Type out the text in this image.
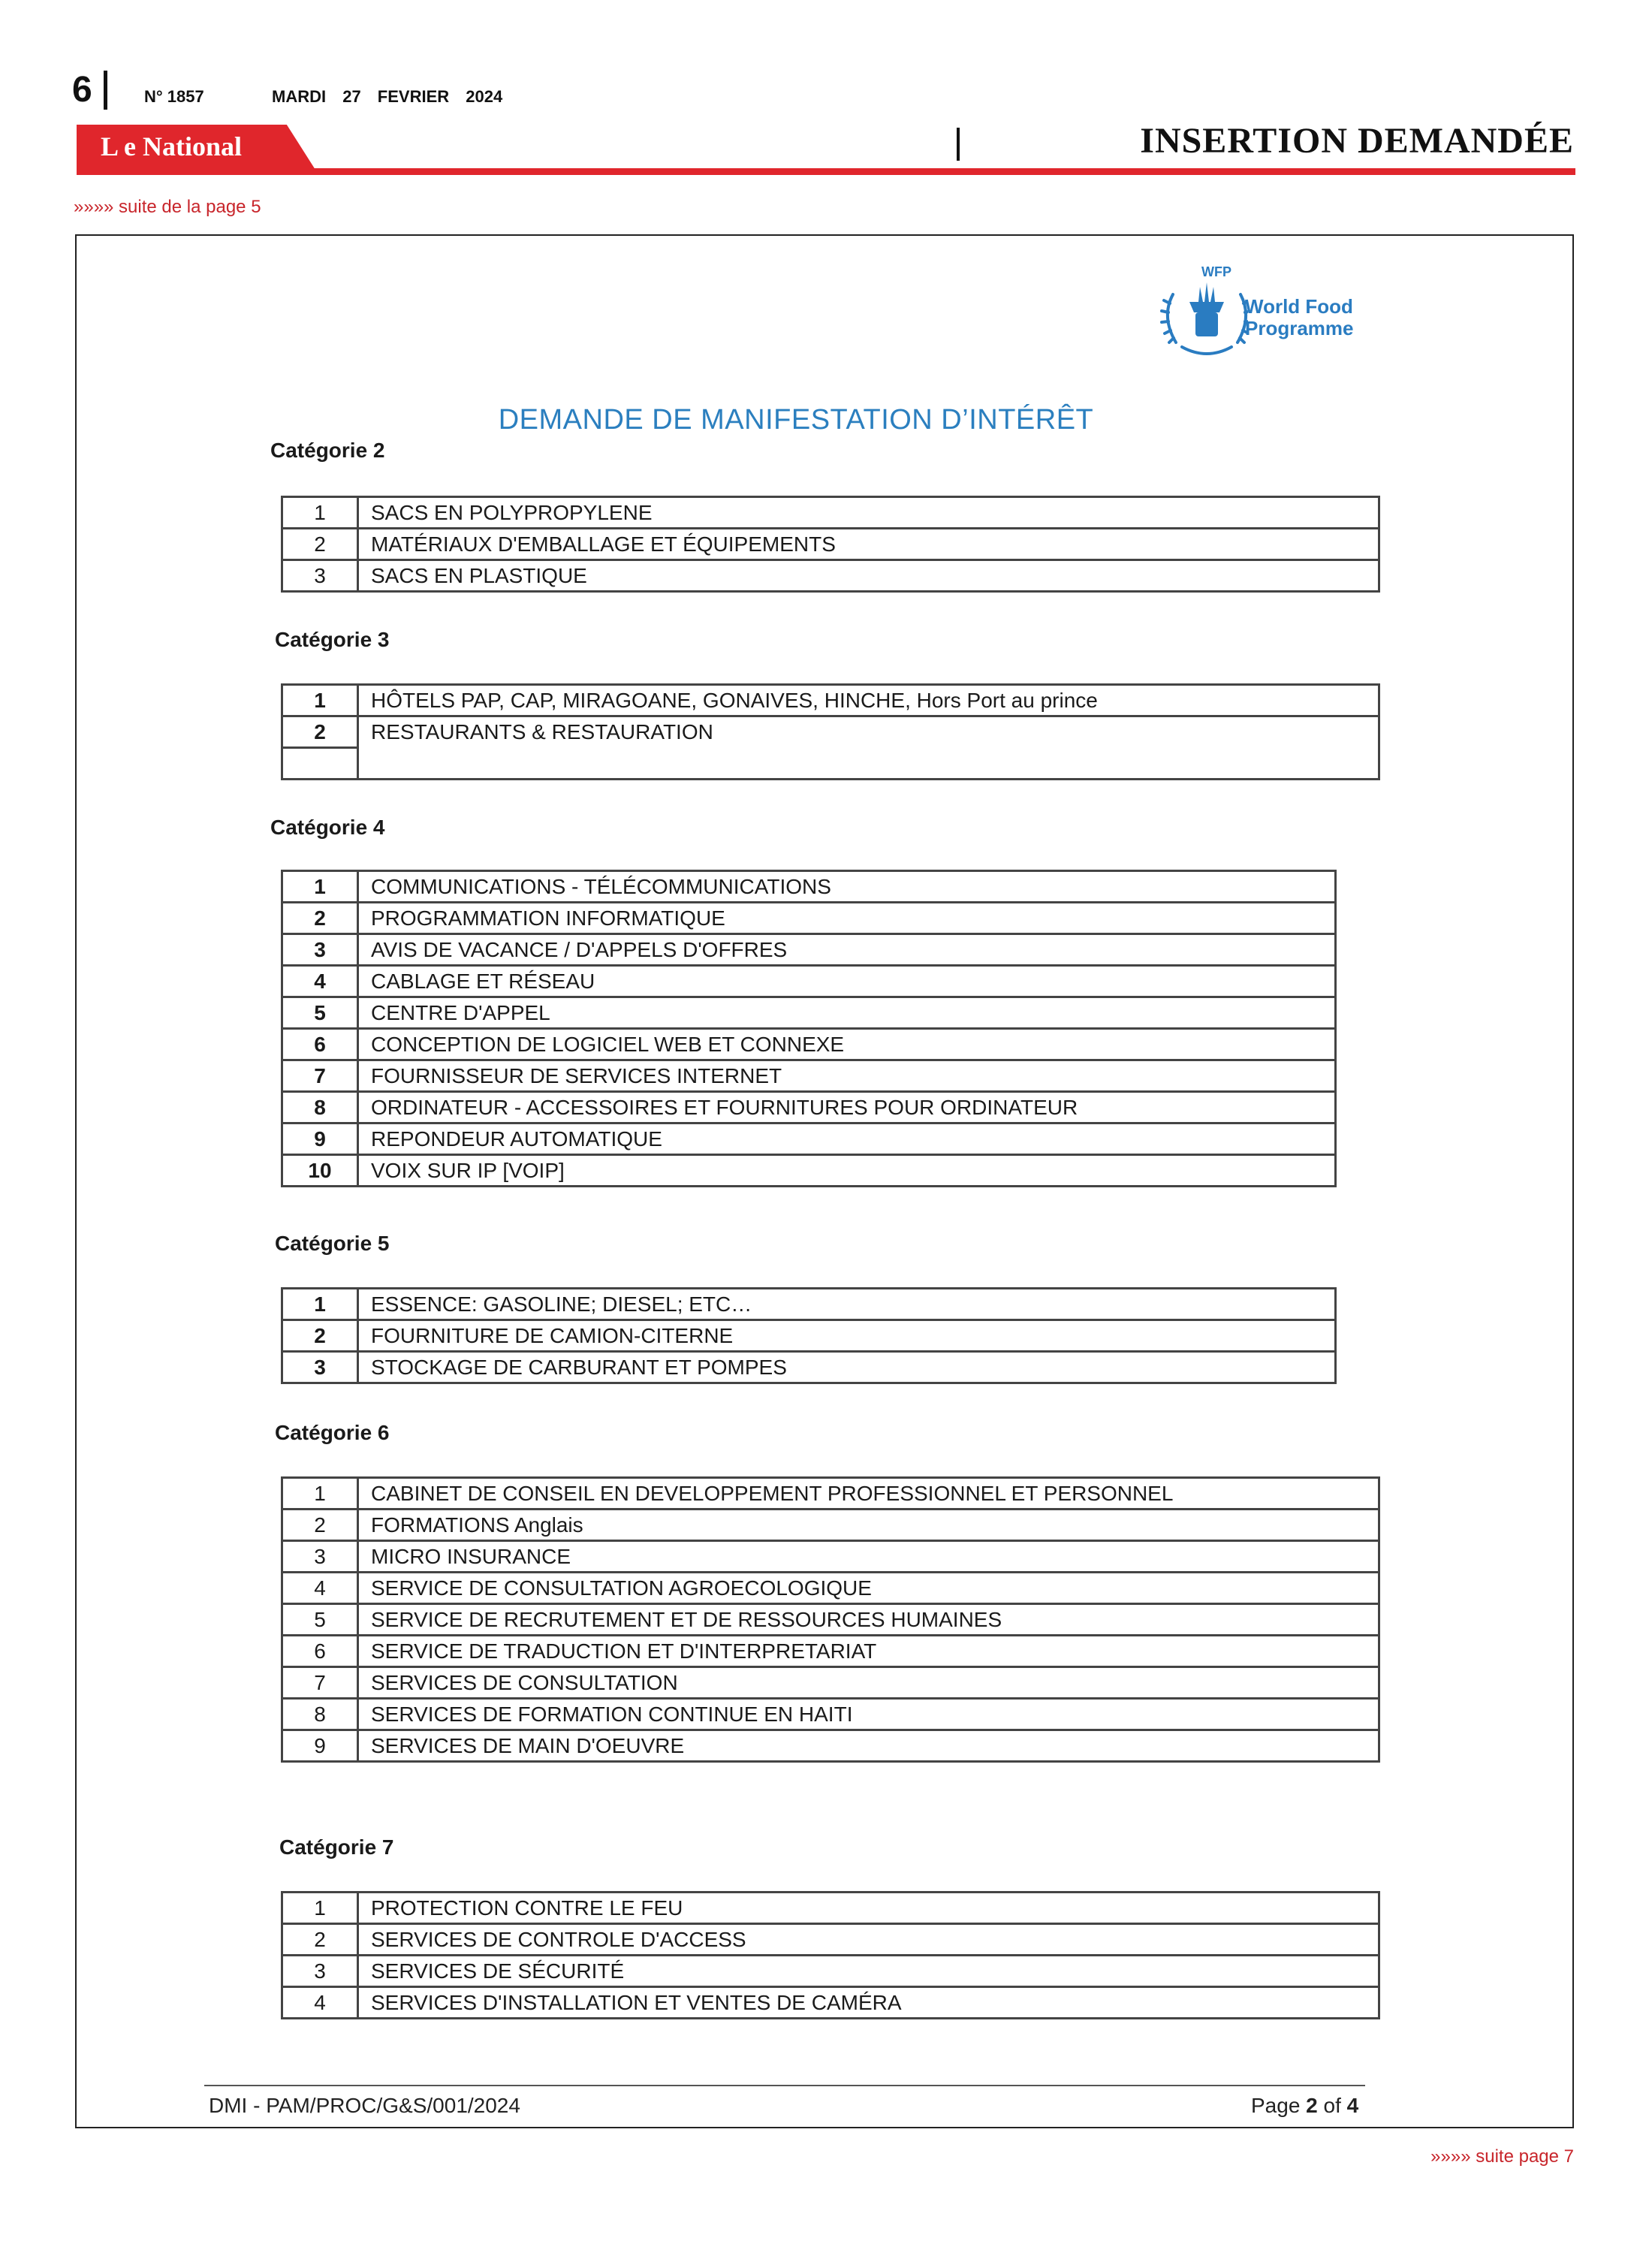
6	N° 1857	MARDI 27 FEVRIER 2024
L e National	INSERTION DEMANDÉE
»»»» suite de la page 5
WFP
World Food
Programme
DEMANDE DE MANIFESTATION D’INTÉRÊT
Catégorie 2
1	SACS EN POLYPROPYLENE
2	MATÉRIAUX D'EMBALLAGE ET ÉQUIPEMENTS
3	SACS EN PLASTIQUE
Catégorie 3
1	HÔTELS PAP, CAP, MIRAGOANE, GONAIVES, HINCHE, Hors Port au prince
2	RESTAURANTS & RESTAURATION

Catégorie 4
1	COMMUNICATIONS - TÉLÉCOMMUNICATIONS
2	PROGRAMMATION INFORMATIQUE
3	AVIS DE VACANCE / D'APPELS D'OFFRES
4	CABLAGE ET RÉSEAU
5	CENTRE D'APPEL
6	CONCEPTION DE LOGICIEL WEB ET CONNEXE
7	FOURNISSEUR DE SERVICES INTERNET
8	ORDINATEUR - ACCESSOIRES ET FOURNITURES POUR ORDINATEUR
9	REPONDEUR AUTOMATIQUE
10	VOIX SUR IP [VOIP]
Catégorie 5
1	ESSENCE: GASOLINE; DIESEL; ETC…
2	FOURNITURE DE CAMION-CITERNE
3	STOCKAGE DE CARBURANT ET POMPES
Catégorie 6
1	CABINET DE CONSEIL EN DEVELOPPEMENT PROFESSIONNEL ET PERSONNEL
2	FORMATIONS Anglais
3	MICRO INSURANCE
4	SERVICE DE CONSULTATION AGROECOLOGIQUE
5	SERVICE DE RECRUTEMENT ET DE RESSOURCES HUMAINES
6	SERVICE DE TRADUCTION ET D'INTERPRETARIAT
7	SERVICES DE CONSULTATION
8	SERVICES DE FORMATION CONTINUE EN HAITI
9	SERVICES DE MAIN D'OEUVRE
Catégorie 7
1	PROTECTION CONTRE LE FEU
2	SERVICES DE CONTROLE D'ACCESS
3	SERVICES DE SÉCURITÉ
4	SERVICES D'INSTALLATION ET VENTES DE CAMÉRA
DMI - PAM/PROC/G&S/001/2024	Page 2 of 4
»»»» suite page 7
